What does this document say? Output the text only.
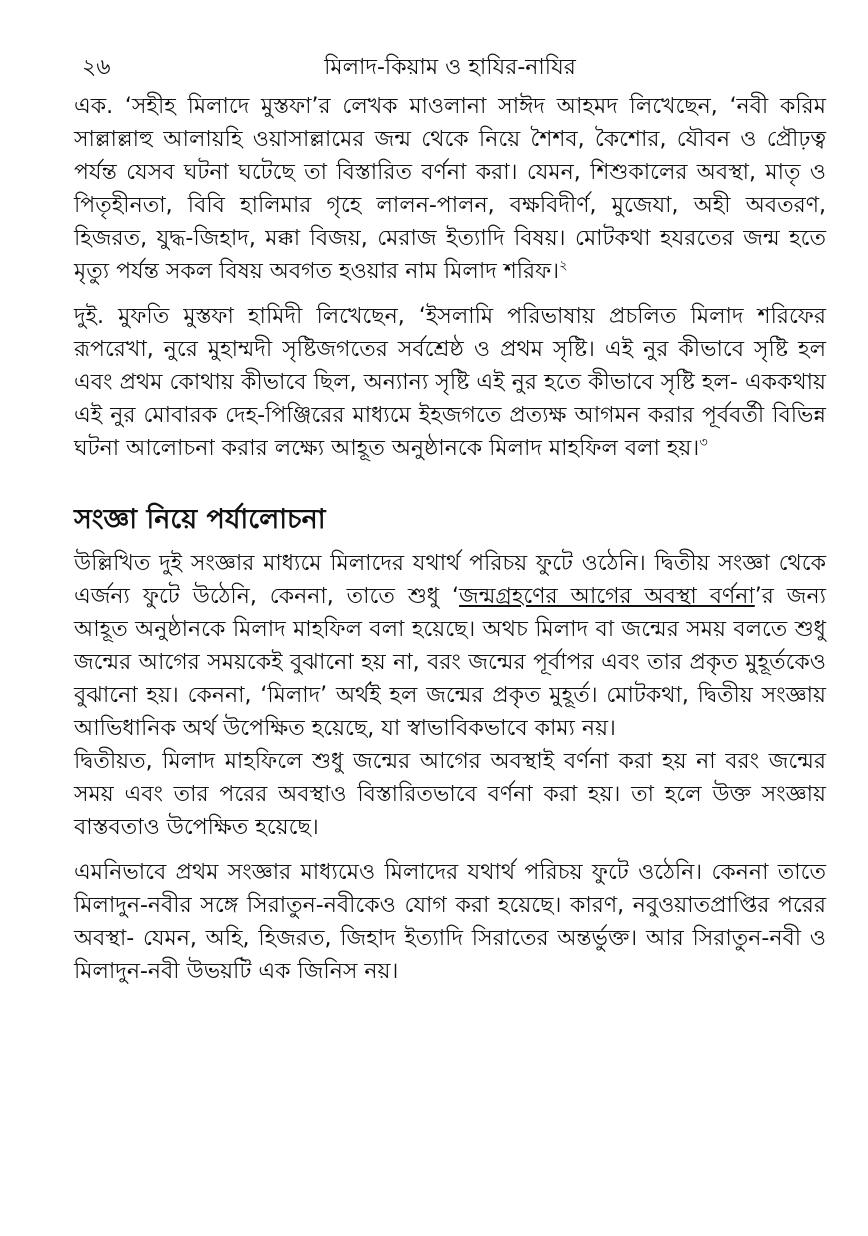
২৬	মিলাদ-কিয়াম ও হাযির-নাযির

এক. ‘সহীহ মিলাদে মুস্তফা’র লেখক মাওলানা সাঈদ আহমদ লিখেছেন, ‘নবী করিম সাল্লাল্লাহু আলায়হি ওয়াসাল্লামের জন্ম থেকে নিয়ে শৈশব, কৈশোর, যৌবন ও প্রৌঢ়ত্ব পর্যন্ত যেসব ঘটনা ঘটেছে তা বিস্তারিত বর্ণনা করা। যেমন, শিশুকালের অবস্থা, মাতৃ ও পিতৃহীনতা, বিবি হালিমার গৃহে লালন-পালন, বক্ষবিদীর্ণ, মুজেযা, অহী অবতরণ, হিজরত, যুদ্ধ-জিহাদ, মক্কা বিজয়, মেরাজ ইত্যাদি বিষয়। মোটকথা হযরতের জন্ম হতে মৃত্যু পর্যন্ত সকল বিষয় অবগত হওয়ার নাম মিলাদ শরিফ।$^২$

দুই. মুফতি মুস্তফা হামিদী লিখেছেন, ‘ইসলামি পরিভাষায় প্রচলিত মিলাদ শরিফের রূপরেখা, নুরে মুহাম্মদী সৃষ্টিজগতের সর্বশ্রেষ্ঠ ও প্রথম সৃষ্টি। এই নুর কীভাবে সৃষ্টি হল এবং প্রথম কোথায় কীভাবে ছিল, অন্যান্য সৃষ্টি এই নুর হতে কীভাবে সৃষ্টি হল- এককথায় এই নুর মোবারক দেহ-পিঞ্জিরের মাধ্যমে ইহজগতে প্রত্যক্ষ আগমন করার পূর্ববর্তী বিভিন্ন ঘটনা আলোচনা করার লক্ষ্যে আহূত অনুষ্ঠানকে মিলাদ মাহফিল বলা হয়।$^৩$

সংজ্ঞা নিয়ে পর্যালোচনা

উল্লিখিত দুই সংজ্ঞার মাধ্যমে মিলাদের যথার্থ পরিচয় ফুটে ওঠেনি। দ্বিতীয় সংজ্ঞা থেকে এর্জন্য ফুটে উঠেনি, কেননা, তাতে শুধু ‘জন্মগ্রহণের আগের অবস্থা বর্ণনা’র জন্য আহূত অনুষ্ঠানকে মিলাদ মাহফিল বলা হয়েছে। অথচ মিলাদ বা জন্মের সময় বলতে শুধু জন্মের আগের সময়কেই বুঝানো হয় না, বরং জন্মের পূর্বাপর এবং তার প্রকৃত মুহূর্তকেও বুঝানো হয়। কেননা, ‘মিলাদ’ অর্থই হল জন্মের প্রকৃত মুহূর্ত। মোটকথা, দ্বিতীয় সংজ্ঞায় আভিধানিক অর্থ উপেক্ষিত হয়েছে, যা স্বাভাবিকভাবে কাম্য নয়।

দ্বিতীয়ত, মিলাদ মাহফিলে শুধু জন্মের আগের অবস্থাই বর্ণনা করা হয় না বরং জন্মের সময় এবং তার পরের অবস্থাও বিস্তারিতভাবে বর্ণনা করা হয়। তা হলে উক্ত সংজ্ঞায় বাস্তবতাও উপেক্ষিত হয়েছে।

এমনিভাবে প্রথম সংজ্ঞার মাধ্যমেও মিলাদের যথার্থ পরিচয় ফুটে ওঠেনি। কেননা তাতে মিলাদুন-নবীর সঙ্গে সিরাতুন-নবীকেও যোগ করা হয়েছে। কারণ, নবুওয়াতপ্রাপ্তির পরের অবস্থা- যেমন, অহি, হিজরত, জিহাদ ইত্যাদি সিরাতের অন্তর্ভুক্ত। আর সিরাতুন-নবী ও মিলাদুন-নবী উভয়টি এক জিনিস নয়।
